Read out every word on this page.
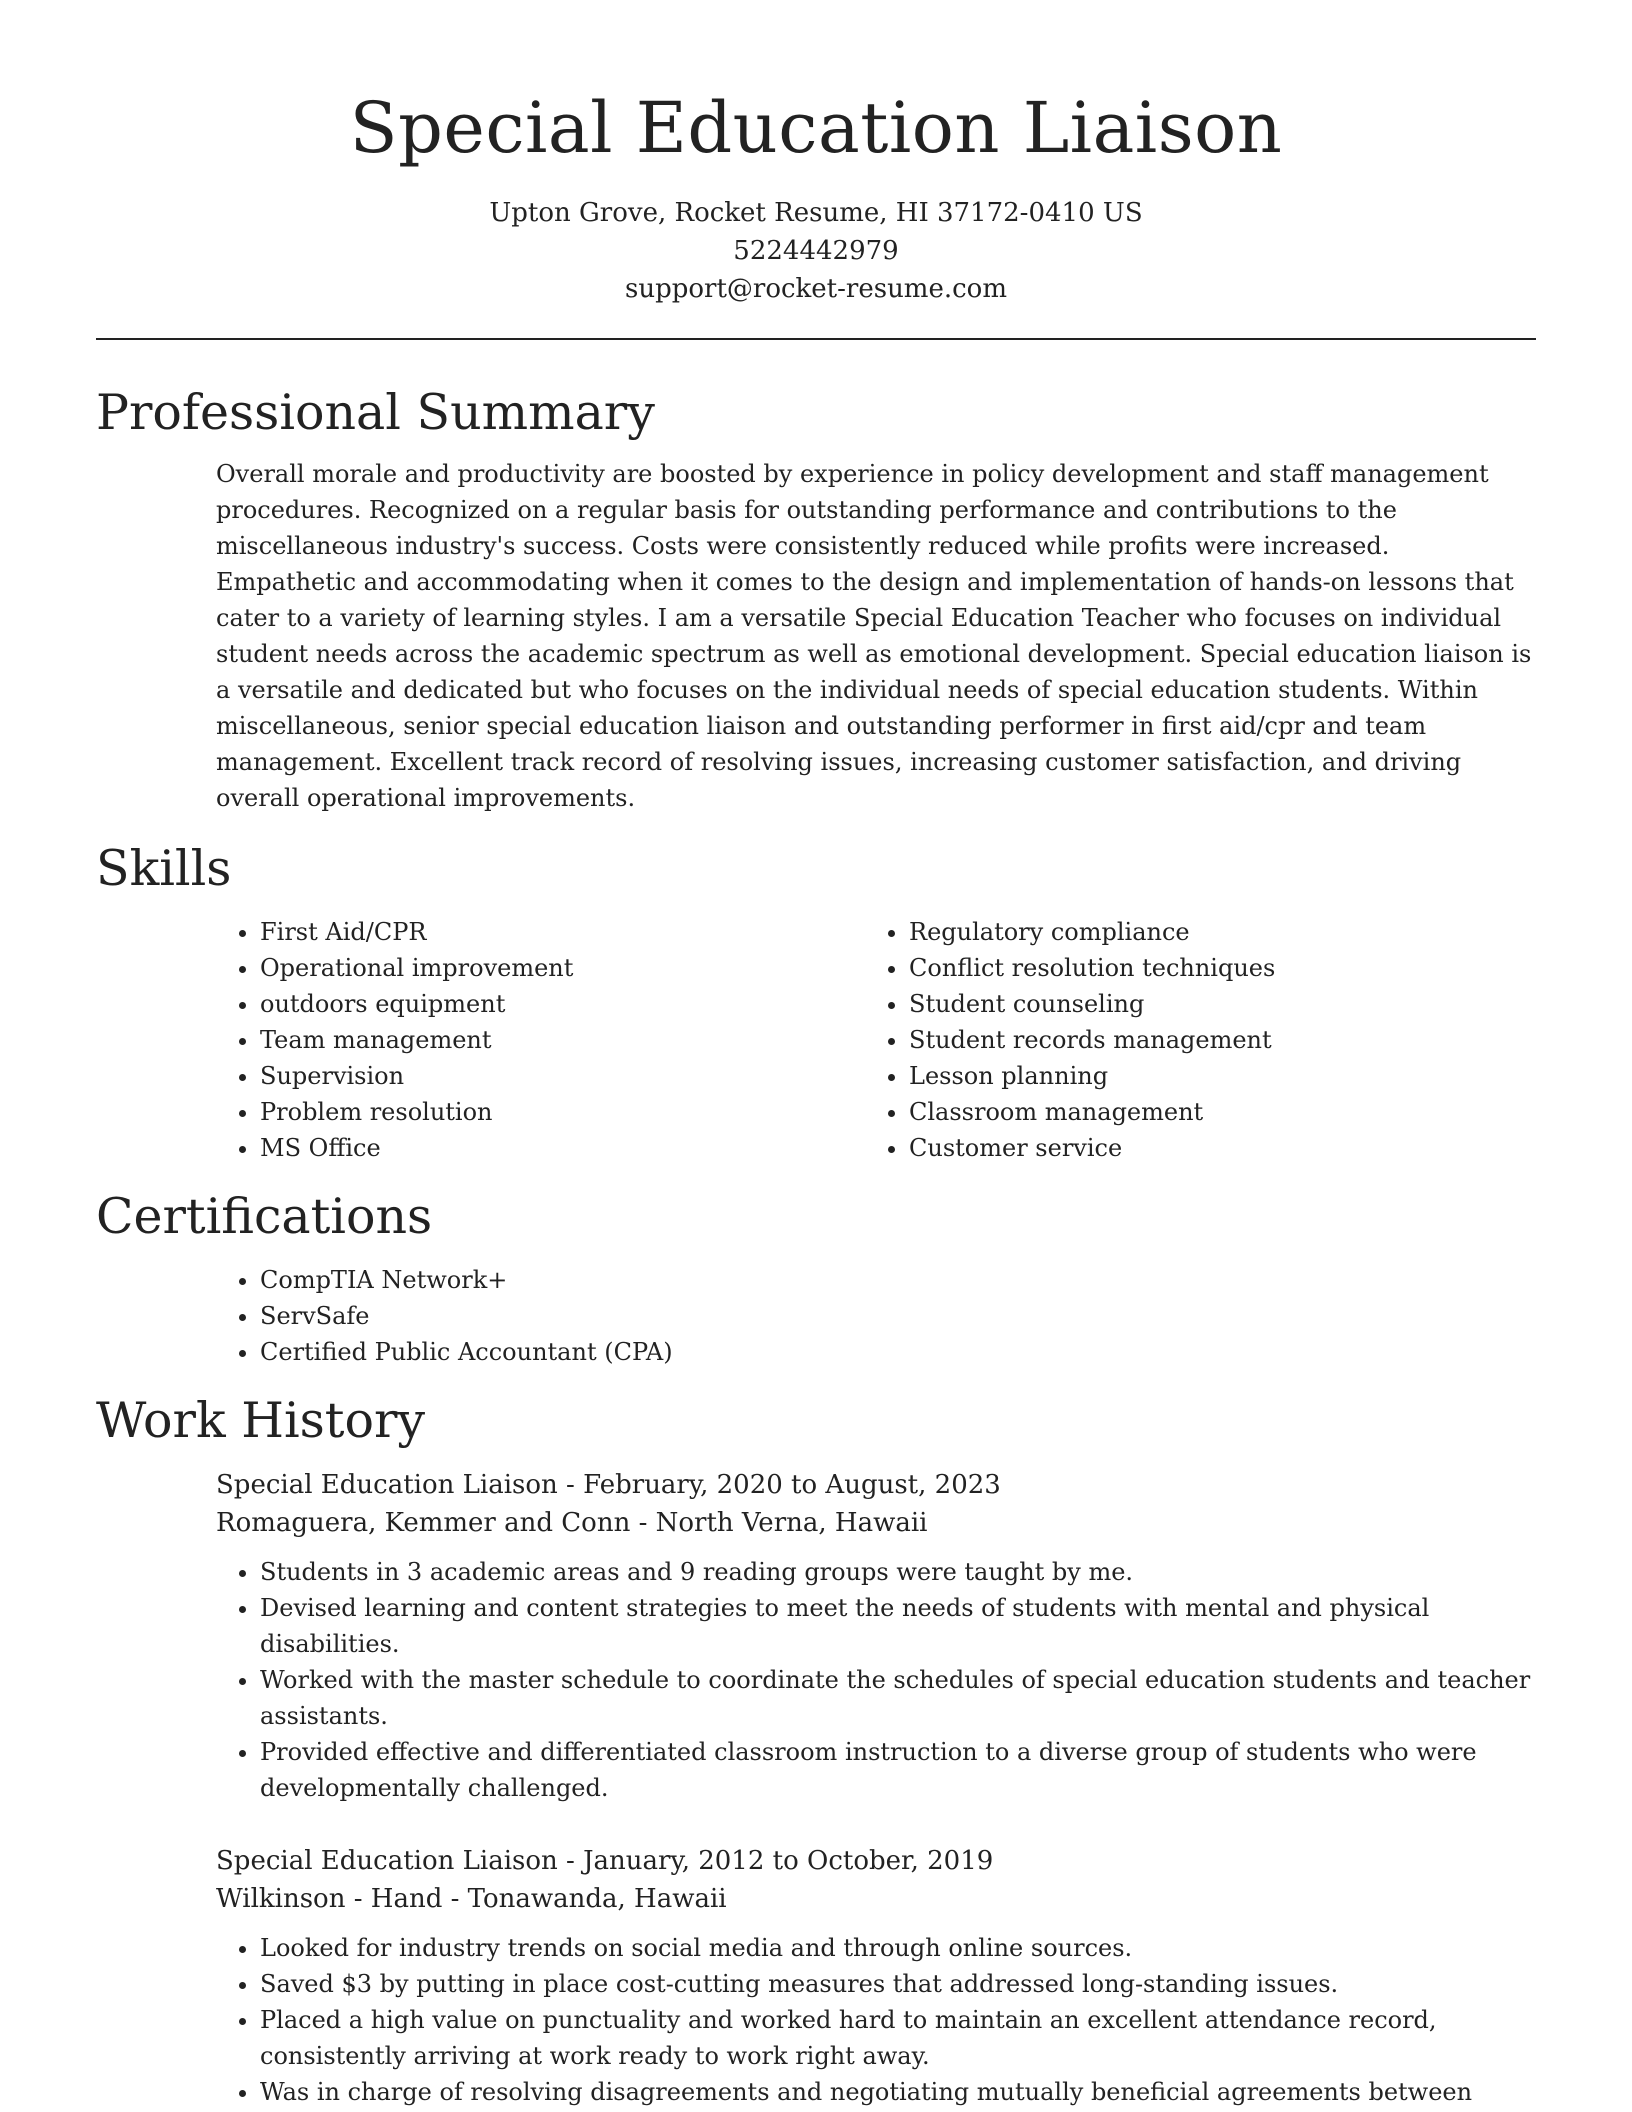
Special Education Liaison
Upton Grove, Rocket Resume, HI 37172-0410 US
5224442979
support@rocket-resume.com
Professional Summary
Overall morale and productivity are boosted by experience in policy development and staff management procedures. Recognized on a regular basis for outstanding performance and contributions to the miscellaneous industry's success. Costs were consistently reduced while profits were increased. Empathetic and accommodating when it comes to the design and implementation of hands-on lessons that cater to a variety of learning styles. I am a versatile Special Education Teacher who focuses on individual student needs across the academic spectrum as well as emotional development. Special education liaison is a versatile and dedicated but who focuses on the individual needs of special education students. Within miscellaneous, senior special education liaison and outstanding performer in first aid/cpr and team management. Excellent track record of resolving issues, increasing customer satisfaction, and driving overall operational improvements.
Skills
• First Aid/CPR
• Operational improvement
• outdoors equipment
• Team management
• Supervision
• Problem resolution
• MS Office
• Regulatory compliance
• Conflict resolution techniques
• Student counseling
• Student records management
• Lesson planning
• Classroom management
• Customer service
Certifications
• CompTIA Network+
• ServSafe
• Certified Public Accountant (CPA)
Work History
Special Education Liaison - February, 2020 to August, 2023
Romaguera, Kemmer and Conn - North Verna, Hawaii
• Students in 3 academic areas and 9 reading groups were taught by me.
• Devised learning and content strategies to meet the needs of students with mental and physical disabilities.
• Worked with the master schedule to coordinate the schedules of special education students and teacher assistants.
• Provided effective and differentiated classroom instruction to a diverse group of students who were developmentally challenged.
Special Education Liaison - January, 2012 to October, 2019
Wilkinson - Hand - Tonawanda, Hawaii
• Looked for industry trends on social media and through online sources.
• Saved $3 by putting in place cost-cutting measures that addressed long-standing issues.
• Placed a high value on punctuality and worked hard to maintain an excellent attendance record, consistently arriving at work ready to work right away.
• Was in charge of resolving disagreements and negotiating mutually beneficial agreements between
